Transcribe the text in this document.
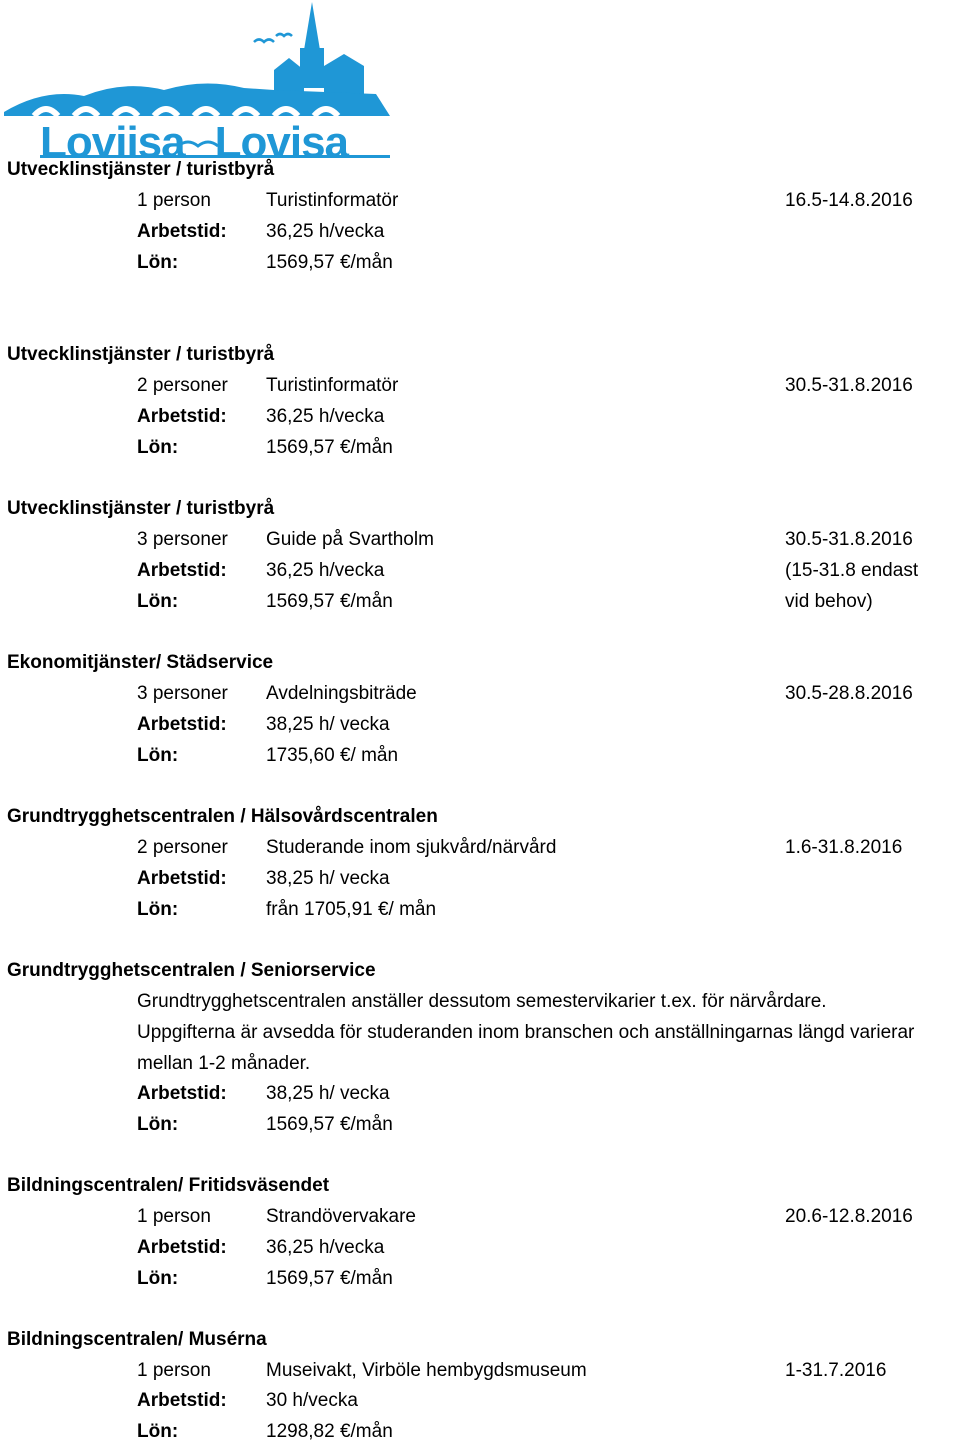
Loviisa Lovisa
Utvecklinstjänster / turistbyrå
1 person	Turistinformatör	16.5-14.8.2016
Arbetstid: 36,25 h/vecka
Lön:	1569,57 €/mån
Utvecklinstjänster / turistbyrå
2 personer Turistinformatör	30.5-31.8.2016
Arbetstid: 36,25 h/vecka
Lön:	1569,57 €/mån
Utvecklinstjänster / turistbyrå
3 personer Guide på Svartholm	30.5-31.8.2016
Arbetstid: 36,25 h/vecka	(15-31.8 endast
Lön:	1569,57 €/mån	vid behov)
Ekonomitjänster/ Städservice
3 personer Avdelningsbiträde	30.5-28.8.2016
Arbetstid: 38,25 h/ vecka
Lön:	1735,60 €/ mån
Grundtrygghetscentralen / Hälsovårdscentralen
2 personer Studerande inom sjukvård/närvård	1.6-31.8.2016
Arbetstid: 38,25 h/ vecka
Lön:	från 1705,91 €/ mån
Grundtrygghetscentralen / Seniorservice
Grundtrygghetscentralen anställer dessutom semestervikarier t.ex. för närvårdare.
Uppgifterna är avsedda för studeranden inom branschen och anställningarnas längd varierar
mellan 1-2 månader.
Arbetstid: 38,25 h/ vecka
Lön:	1569,57 €/mån
Bildningscentralen/ Fritidsväsendet
1 person	Strandövervakare	20.6-12.8.2016
Arbetstid: 36,25 h/vecka
Lön:	1569,57 €/mån
Bildningscentralen/ Musérna
1 person	Museivakt, Virböle hembygdsmuseum	1-31.7.2016
Arbetstid: 30 h/vecka
Lön:	1298,82 €/mån
